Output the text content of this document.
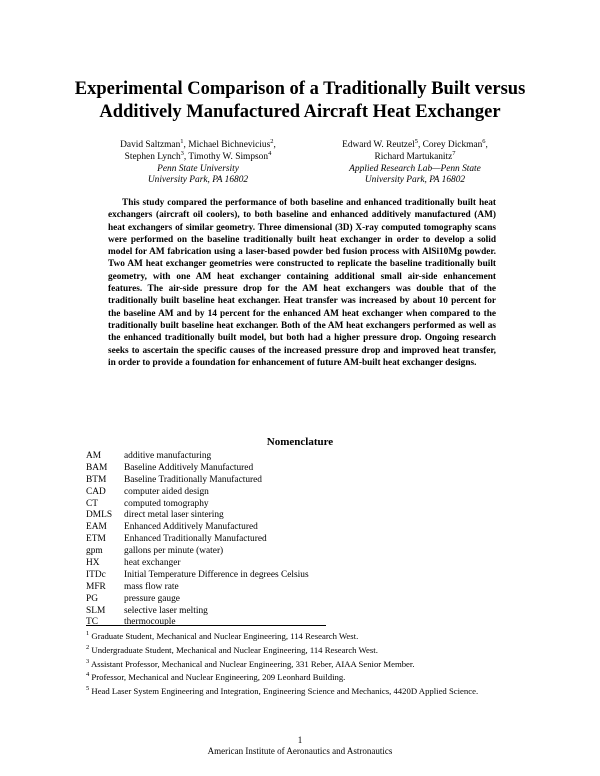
Experimental Comparison of a Traditionally Built versus
Additively Manufactured Aircraft Heat Exchanger
David Saltzman$^1$, Michael Bichnevicius$^2$,
Stephen Lynch$^3$, Timothy W. Simpson$^4$
Penn State University
University Park, PA 16802
Edward W. Reutzel$^5$, Corey Dickman$^6$,
Richard Martukanitz$^7$
Applied Research Lab—Penn State
University Park, PA 16802
This study compared the performance of both baseline and enhanced traditionally built heat exchangers (aircraft oil coolers), to both baseline and enhanced additively manufactured (AM) heat exchangers of similar geometry. Three dimensional (3D) X-ray computed tomography scans were performed on the baseline traditionally built heat exchanger in order to develop a solid model for AM fabrication using a laser-based powder bed fusion process with AlSi10Mg powder. Two AM heat exchanger geometries were constructed to replicate the baseline traditionally built geometry, with one AM heat exchanger containing additional small air-side enhancement features. The air-side pressure drop for the AM heat exchangers was double that of the traditionally built baseline heat exchanger. Heat transfer was increased by about 10 percent for the baseline AM and by 14 percent for the enhanced AM heat exchanger when compared to the traditionally built baseline heat exchanger. Both of the AM heat exchangers performed as well as the enhanced traditionally built model, but both had a higher pressure drop. Ongoing research seeks to ascertain the specific causes of the increased pressure drop and improved heat transfer, in order to provide a foundation for enhancement of future AM-built heat exchanger designs.
Nomenclature
AM	additive manufacturing
BAM	Baseline Additively Manufactured
BTM	Baseline Traditionally Manufactured
CAD	computer aided design
CT	computed tomography
DMLS	direct metal laser sintering
EAM	Enhanced Additively Manufactured
ETM	Enhanced Traditionally Manufactured
gpm	gallons per minute (water)
HX	heat exchanger
ITDc	Initial Temperature Difference in degrees Celsius
MFR	mass flow rate
PG	pressure gauge
SLM	selective laser melting
TC	thermocouple
$^1$ Graduate Student, Mechanical and Nuclear Engineering, 114 Research West.
$^2$ Undergraduate Student, Mechanical and Nuclear Engineering, 114 Research West.
$^3$ Assistant Professor, Mechanical and Nuclear Engineering, 331 Reber, AIAA Senior Member.
$^4$ Professor, Mechanical and Nuclear Engineering, 209 Leonhard Building.
$^5$ Head Laser System Engineering and Integration, Engineering Science and Mechanics, 4420D Applied Science.
1
American Institute of Aeronautics and Astronautics
